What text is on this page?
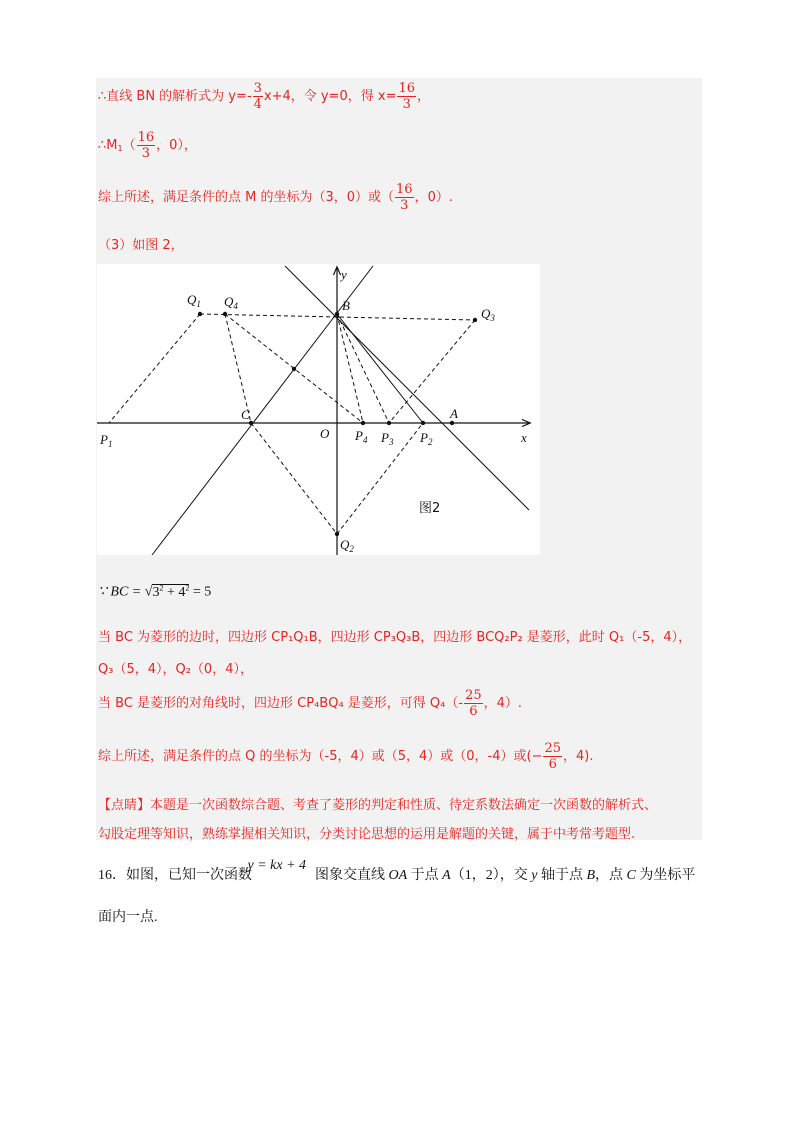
∴直线 BN 的解析式为 $y=- \frac{3}{4} x+4$，令 y=0，得 $x= \frac{16}{3}$ ，
$\therefore M_1( \frac{16}{3}$ ，0），
综上所述，满足条件的点 M 的坐标为（3，0）或（ $\frac{16}{3}$ ，0）.
（3）如图 2，
y
x
B
$Q_1$ $Q_4$	$Q_3$
C
O
A
$P_1$
$P_4$ $P_3$ $P_2$
$Q_2$
图2
∵ BC = $√3^2 + 4^2 = 5$
当 BC 为菱形的边时，四边形 CP₁Q₁B，四边形 CP₃Q₃B，四边形 BCQ₂P₂ 是菱形，此时 Q₁（-5，4），
Q₃（5，4），Q₂（0，4），
当 BC 是菱形的对角线时，四边形 CP₄BQ₄ 是菱形，可得 $Q_4(- \frac{25}{6}$ ，4）.
综上所述，满足条件的点 Q 的坐标为（-5，4）或（5，4）或（0，-4）或(− $\frac{25}{6}$ ，4).
【点睛】本题是一次函数综合题、考查了菱形的判定和性质、待定系数法确定一次函数的解析式、
勾股定理等知识，熟练掌握相关知识，分类讨论思想的运用是解题的关键，属于中考常考题型.
16．如图，已知一次函数
y = kx + 4
图象交直线 OA 于点 A（1，2），交 y 轴于点 B，点 C 为坐标平
面内一点.
